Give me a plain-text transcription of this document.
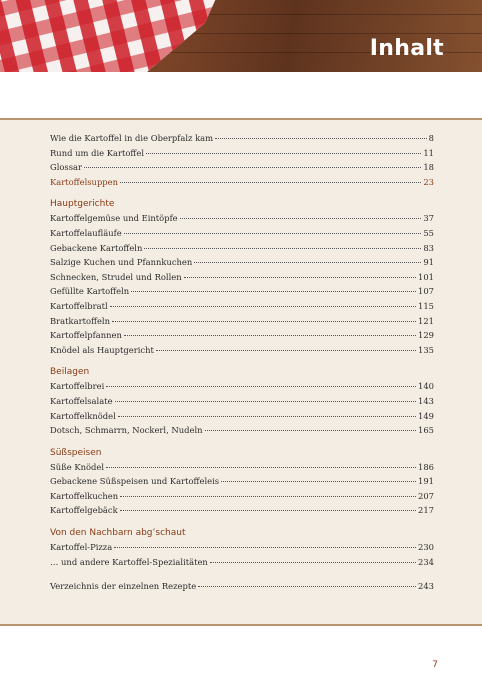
Inhalt
Wie die Kartoffel in die Oberpfalz kam	8
Rund um die Kartoffel	11
Glossar	18
Kartoffelsuppen	23
Hauptgerichte
Kartoffelgemüse und Eintöpfe	37
Kartoffelaufläufe	55
Gebackene Kartoffeln	83
Salzige Kuchen und Pfannkuchen	91
Schnecken, Strudel und Rollen	101
Gefüllte Kartoffeln	107
Kartoffelbratl	115
Bratkartoffeln	121
Kartoffelpfannen	129
Knödel als Hauptgericht	135
Beilagen
Kartoffelbrei	140
Kartoffelsalate	143
Kartoffelknödel	149
Dotsch, Schmarrn, Nockerl, Nudeln	165
Süßspeisen
Süße Knödel	186
Gebackene Süßspeisen und Kartoffeleis	191
Kartoffelkuchen	207
Kartoffelgebäck	217
Von den Nachbarn abg’schaut
Kartoffel-Pizza	230
… und andere Kartoffel-Spezialitäten	234
Verzeichnis der einzelnen Rezepte	243
7
